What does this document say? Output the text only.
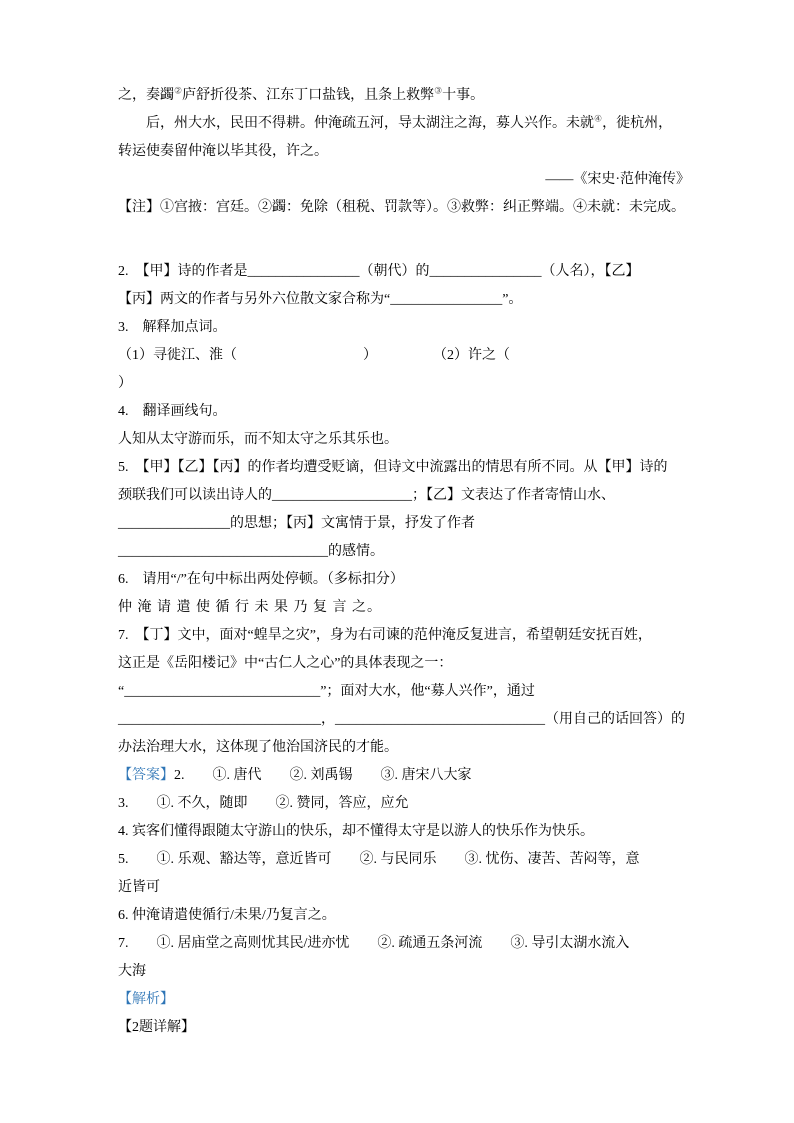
之，奏蠲②庐舒折役茶、江东丁口盐钱，且条上救弊③十事。
后，州大水，民田不得耕。仲淹疏五河，导太湖注之海，募人兴作。未就④，徙杭州，
转运使奏留仲淹以毕其役，许之。
——《宋史·范仲淹传》
【注】①宫掖：宫廷。②蠲：免除（租税、罚款等）。③救弊：纠正弊端。④未就：未完成。
2.　【甲】诗的作者是________________（朝代）的________________（人名），【乙】
【丙】两文的作者与另外六位散文家合称为“________________”。
3.　解释加点词。
（1）寻徙江、淮（　　　　　　　　　）　　　　　（2）许之（
）
4.　翻译画线句。
人知从太守游而乐，而不知太守之乐其乐也。
5.　【甲】【乙】【丙】的作者均遭受贬谪，但诗文中流露出的情思有所不同。从【甲】诗的
颈联我们可以读出诗人的____________________；【乙】文表达了作者寄情山水、
________________的思想；【丙】文寓情于景，抒发了作者
______________________________的感情。
6.　请用“/”在句中标出两处停顿。（多标扣分）
仲 淹 请 遣 使 循 行 未 果 乃 复 言 之。
7.　【丁】文中，面对“蝗旱之灾”，身为右司谏的范仲淹反复进言，希望朝廷安抚百姓，
这正是《岳阳楼记》中“古仁人之心”的具体表现之一：
“____________________________”；面对大水，他“募人兴作”，通过
_____________________________，______________________________（用自己的话回答）的
办法治理大水，这体现了他治国济民的才能。
【答案】2.　　①. 唐代　　②. 刘禹锡　　③. 唐宋八大家
3.　　①. 不久，随即　　②. 赞同，答应，应允
4. 宾客们懂得跟随太守游山的快乐，却不懂得太守是以游人的快乐作为快乐。
5.　　①. 乐观、豁达等，意近皆可　　②. 与民同乐　　③. 忧伤、凄苦、苦闷等，意
近皆可
6. 仲淹请遣使循行/未果/乃复言之。
7.　　①. 居庙堂之高则忧其民/进亦忧　　②. 疏通五条河流　　③. 导引太湖水流入
大海
【解析】
【2题详解】
